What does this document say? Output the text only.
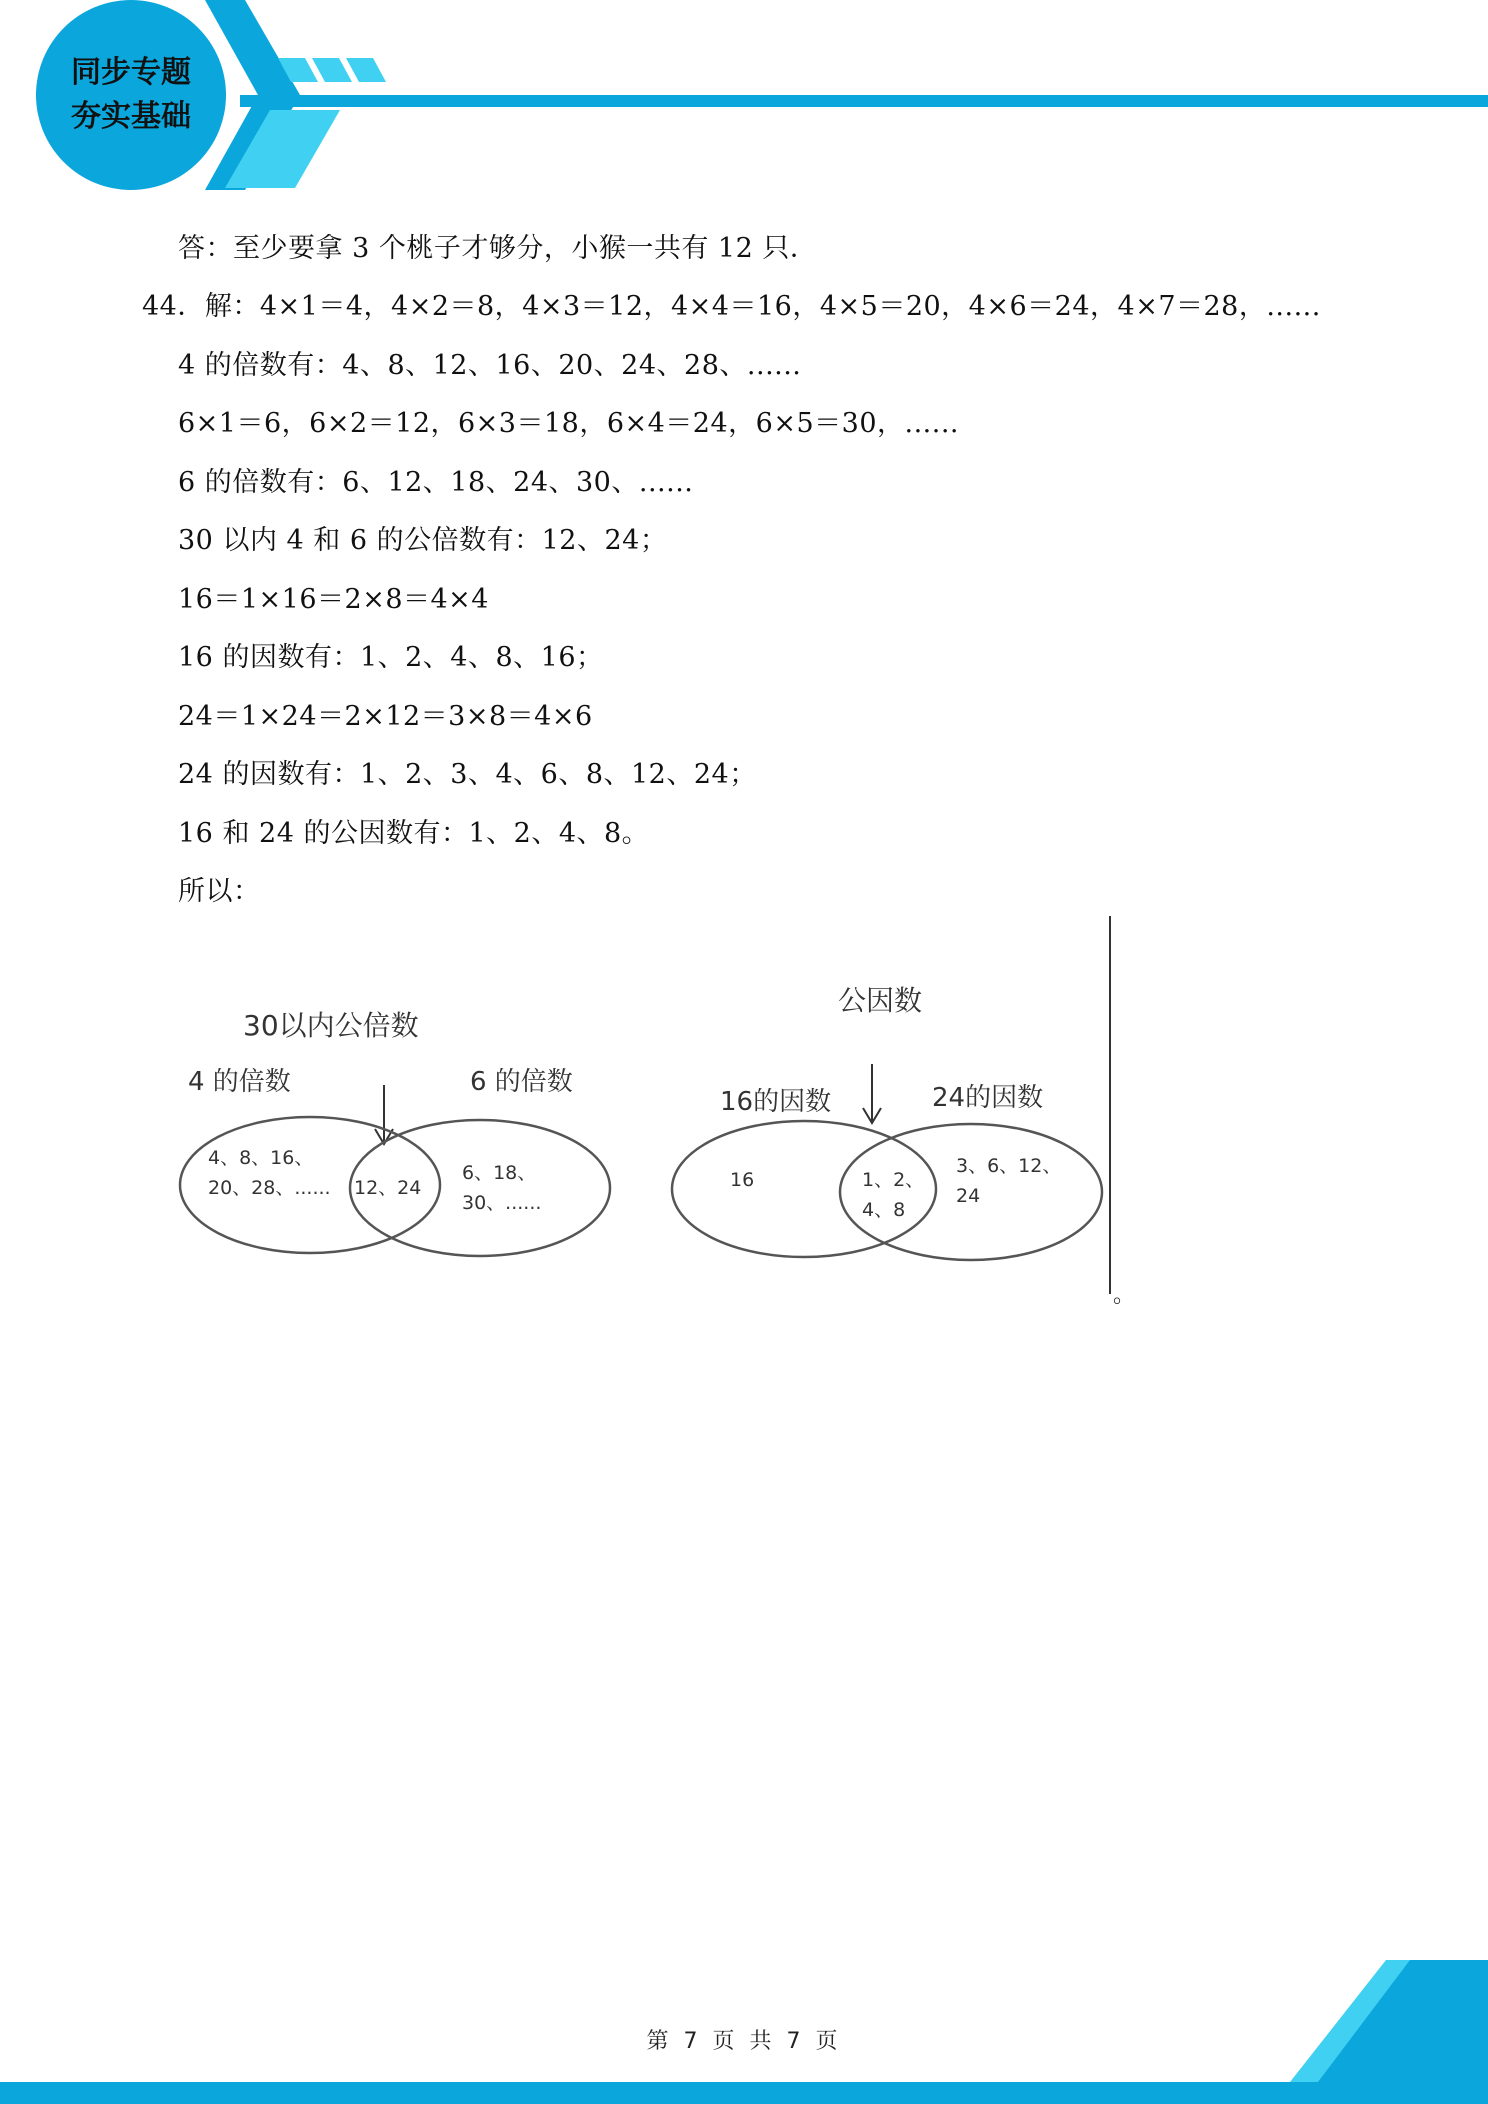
同步专题
夯实基础
答：至少要拿 3 个桃子才够分，小猴一共有 12 只．
44．解：4×1＝4，4×2＝8，4×3＝12，4×4＝16，4×5＝20，4×6＝24，4×7＝28，......
4 的倍数有：4、8、12、16、20、24、28、......
6×1＝6，6×2＝12，6×3＝18，6×4＝24，6×5＝30，......
6 的倍数有：6、12、18、24、30、......
30 以内 4 和 6 的公倍数有：12、24；
16＝1×16＝2×8＝4×4
16 的因数有：1、2、4、8、16；
24＝1×24＝2×12＝3×8＝4×6
24 的因数有：1、2、3、4、6、8、12、24；
16 和 24 的公因数有：1、2、4、8。
所以：
30以内公倍数
4 的倍数	6 的倍数
4、8、16、
20、28、...... 12、24
6、18、
30、......
公因数
16的因数	24的因数
16	1、2、
4、8
3、6、12、
24
。
第 7 页 共 7 页
